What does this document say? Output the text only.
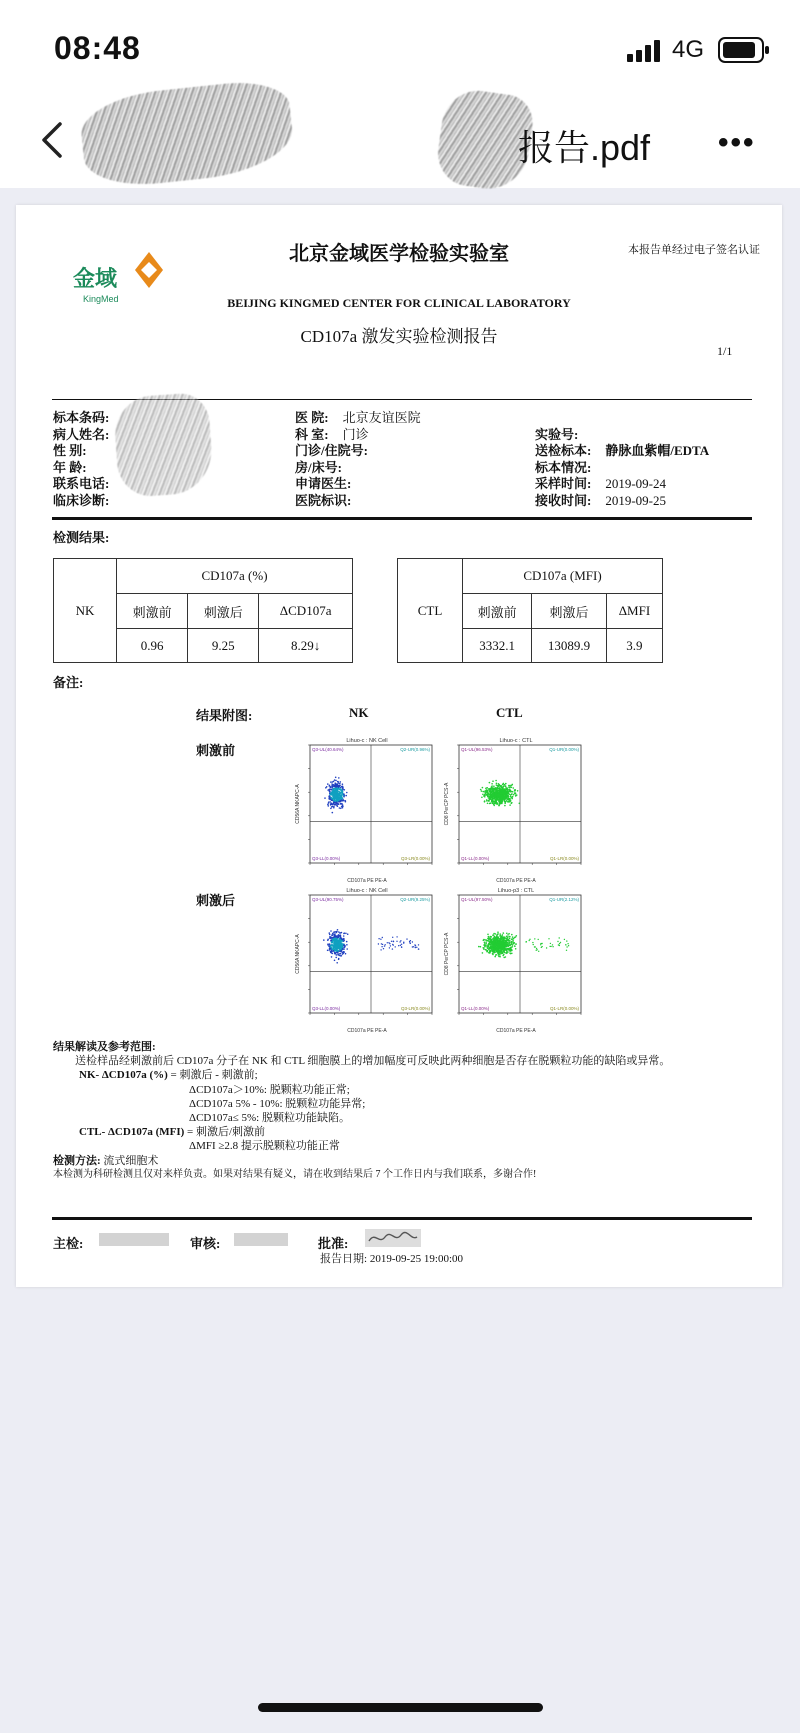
08:48	4G
报告.pdf •••
金域
KingMed
北京金域医学检验实验室	本报告单经过电子签名认证
BEIJING KINGMED CENTER FOR CLINICAL LABORATORY
CD107a 激发实验检测报告
1/1
标本条码:
病人姓名:
性 别:
年 龄:
联系电话:
临床诊断:
医 院: 北京友谊医院
科 室: 门诊
门诊/住院号:
房/床号:
申请医生:
医院标识:
实验号:
送检标本: 静脉血紫帽/EDTA
标本情况:
采样时间: 2019-09-24
接收时间: 2019-09-25
检测结果:
NK	CD107a (%)		
	刺激前	刺激后	ΔCD107a
	0.96	9.25	8.29↓
CTL	CD107a (MFI)		
	刺激前	刺激后	ΔMFI
	3332.1	13089.9	3.9
备注:
结果附图:	NK	CTL
刺激前
刺激后
Lihuo-c : NK Cell
Q3-UL(40.64%)	Q2-UR(0.96%)
Q3-LL(0.00%)	Q3-LR(0.00%)
CD107a PE PE-A
CD56A NKAPC-A
Lihuo-c : CTL
Q1-UL(96.53%)	Q1-UR(0.00%)
Q1-LL(0.00%)	Q1-LR(0.00%)
CD107a PE PE-A
CD8 PerCP PCS-A
Lihuo-c : NK Cell
Q3-UL(90.75%)	Q2-UR(9.25%)
Q3-LL(0.00%)	Q3-LR(0.00%)
CD107a PE PE-A
CD56A NKAPC-A
Lihuo-p3 : CTL
Q1-UL(97.50%)	Q1-UR(2.12%)
Q1-LL(0.00%)	Q1-LR(0.00%)
CD107a PE PE-A
CD8 PerCP PCS-A
结果解读及参考范围:
送检样品经刺激前后 CD107a 分子在 NK 和 CTL 细胞膜上的增加幅度可反映此两种细胞是否存在脱颗粒功能的缺陷或异常。
NK- ΔCD107a (%) = 刺激后 - 刺激前;
ΔCD107a＞10%: 脱颗粒功能正常;
ΔCD107a 5% - 10%: 脱颗粒功能异常;
ΔCD107a≤ 5%: 脱颗粒功能缺陷。
CTL- ΔCD107a (MFI) = 刺激后/刺激前
ΔMFI ≥2.8 提示脱颗粒功能正常
检测方法: 流式细胞术
本检测为科研检测且仅对来样负责。如果对结果有疑义，请在收到结果后 7 个工作日内与我们联系，多谢合作!
主检:	审核:	批准:
报告日期: 2019-09-25 19:00:00
